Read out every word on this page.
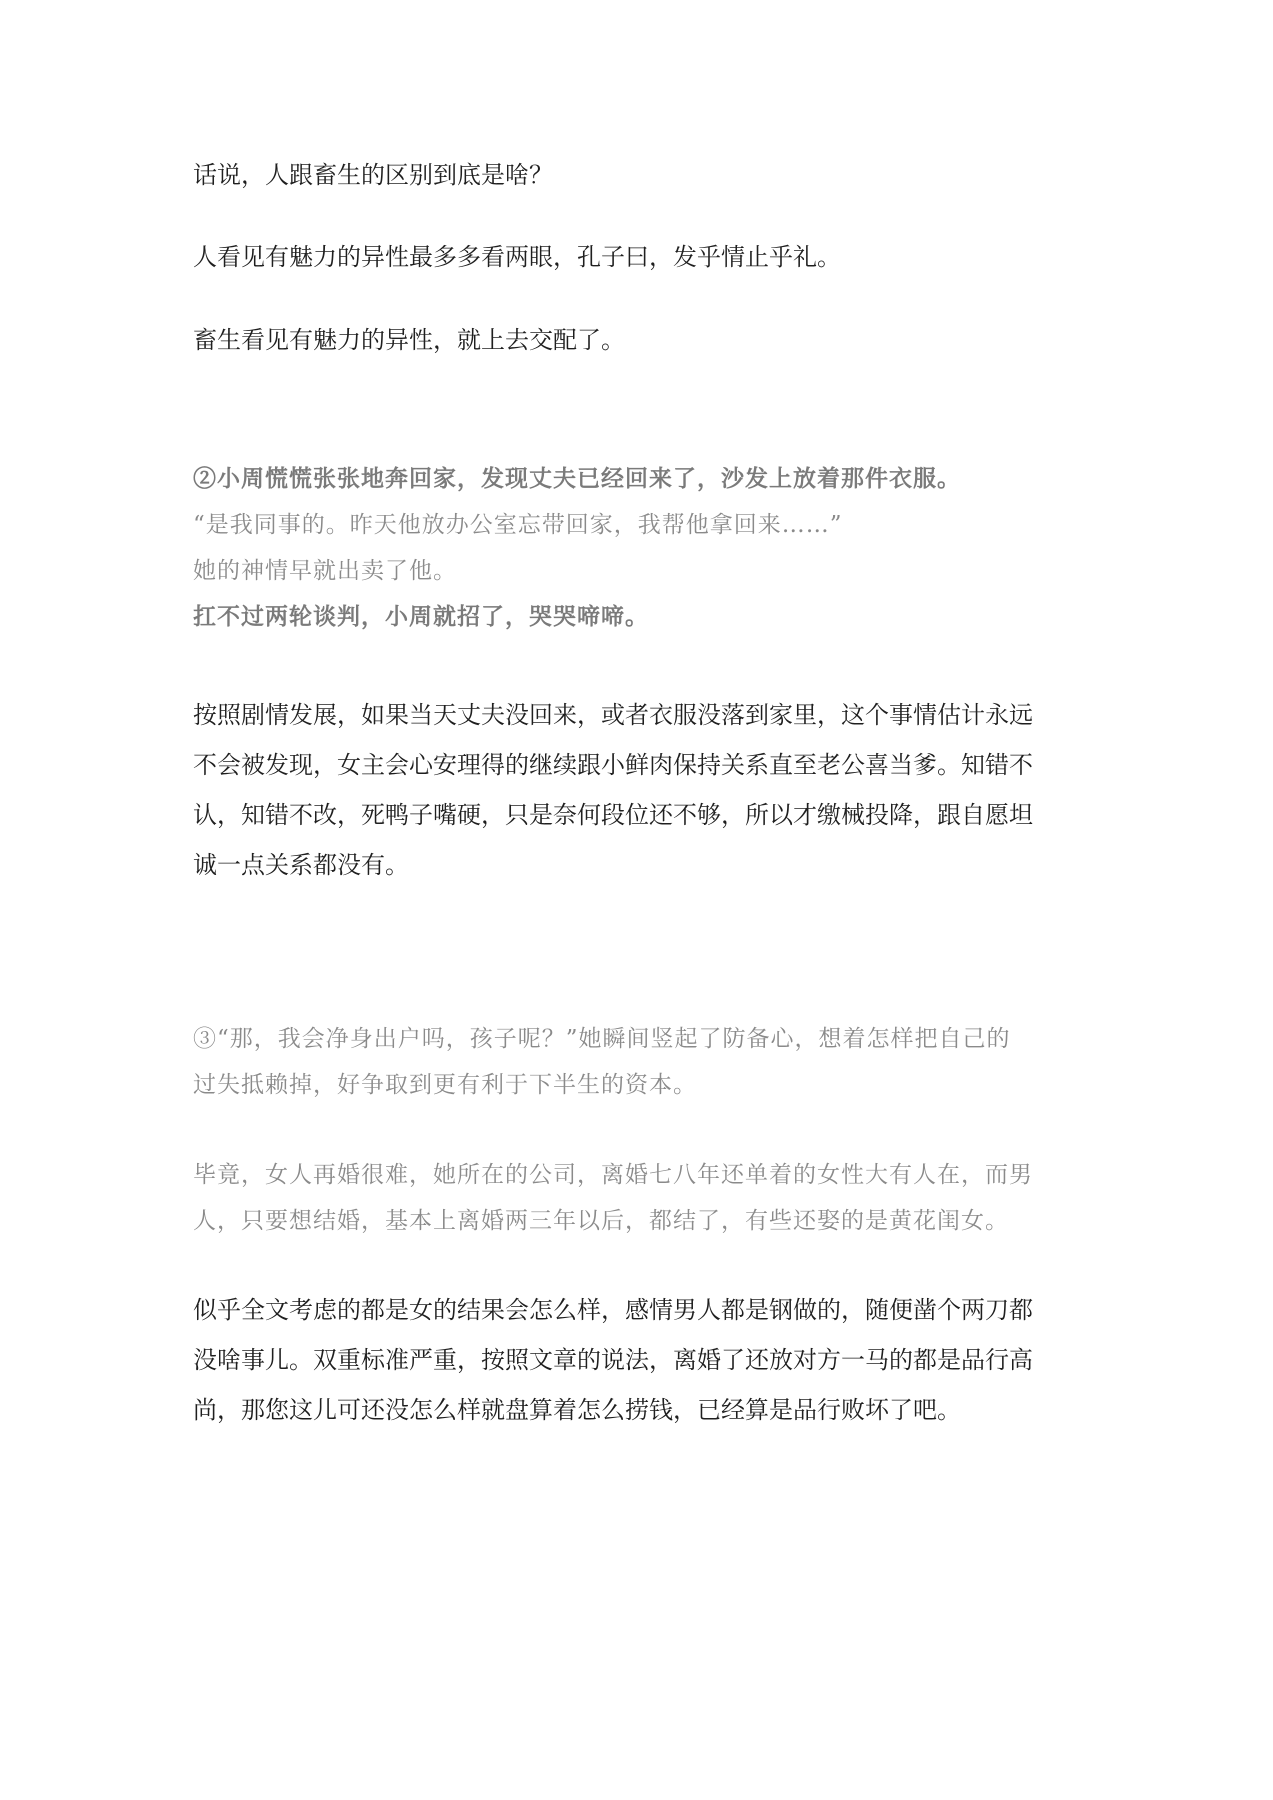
话说，人跟畜生的区别到底是啥？

人看见有魅力的异性最多多看两眼，孔子曰，发乎情止乎礼。

畜生看见有魅力的异性，就上去交配了。

②小周慌慌张张地奔回家，发现丈夫已经回来了，沙发上放着那件衣服。
“是我同事的。昨天他放办公室忘带回家，我帮他拿回来……”
她的神情早就出卖了他。
扛不过两轮谈判，小周就招了，哭哭啼啼。
按照剧情发展，如果当天丈夫没回来，或者衣服没落到家里，这个事情估计永远
不会被发现，女主会心安理得的继续跟小鲜肉保持关系直至老公喜当爹。知错不
认，知错不改，死鸭子嘴硬，只是奈何段位还不够，所以才缴械投降，跟自愿坦
诚一点关系都没有。
③“那，我会净身出户吗，孩子呢？”她瞬间竖起了防备心，想着怎样把自己的
过失抵赖掉，好争取到更有利于下半生的资本。
毕竟，女人再婚很难，她所在的公司，离婚七八年还单着的女性大有人在，而男
人，只要想结婚，基本上离婚两三年以后，都结了，有些还娶的是黄花闺女。
似乎全文考虑的都是女的结果会怎么样，感情男人都是钢做的，随便凿个两刀都
没啥事儿。双重标准严重，按照文章的说法，离婚了还放对方一马的都是品行高
尚，那您这儿可还没怎么样就盘算着怎么捞钱，已经算是品行败坏了吧。
